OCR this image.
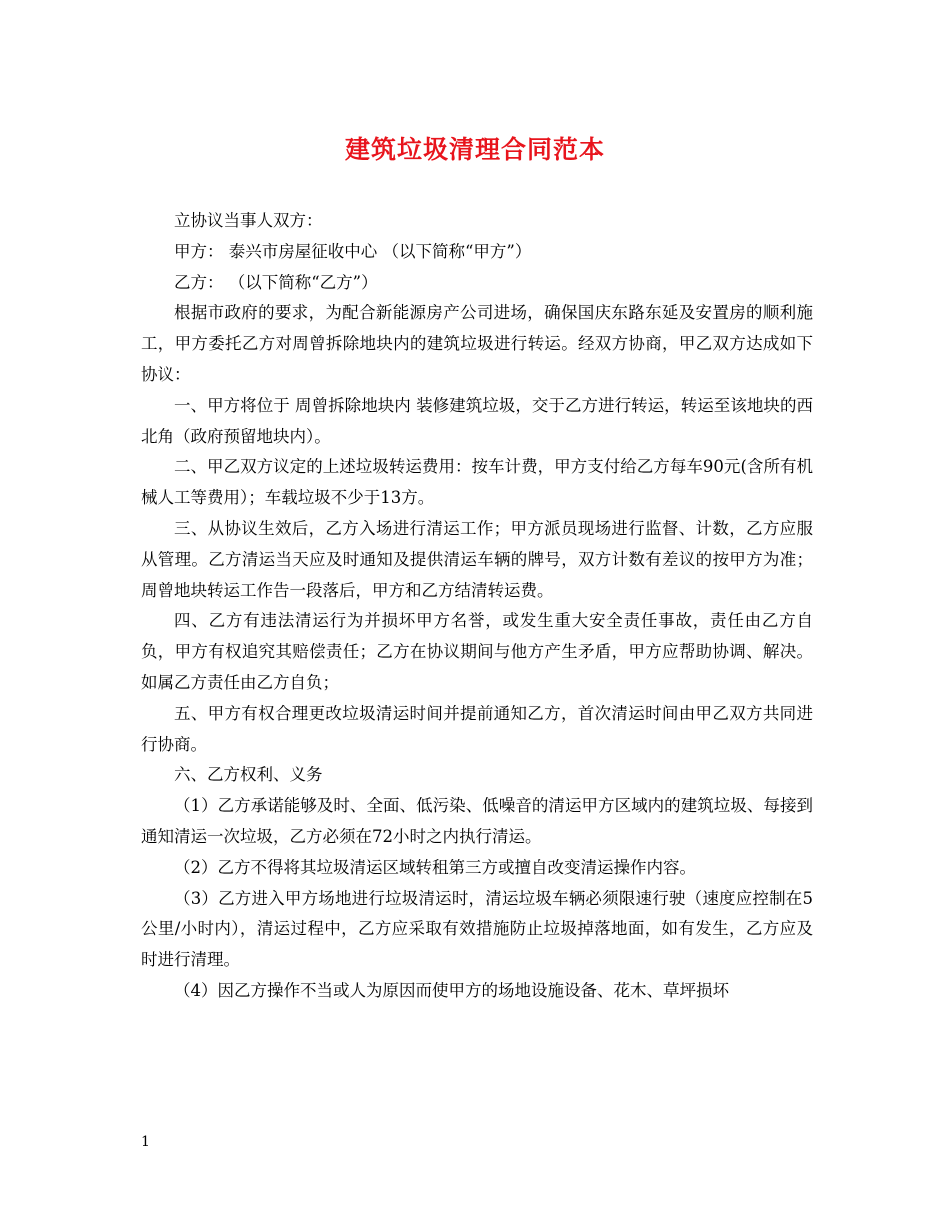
建筑垃圾清理合同范本

立协议当事人双方：

甲方： 泰兴市房屋征收中心 （以下简称“甲方”）

乙方： （以下简称“乙方”）

根据市政府的要求，为配合新能源房产公司进场，确保国庆东路东延及安置房的顺利施工，甲方委托乙方对周曾拆除地块内的建筑垃圾进行转运。经双方协商，甲乙双方达成如下协议：

一、甲方将位于 周曾拆除地块内 装修建筑垃圾，交于乙方进行转运，转运至该地块的西北角（政府预留地块内）。

二、甲乙双方议定的上述垃圾转运费用：按车计费，甲方支付给乙方每车90元(含所有机械人工等费用）；车载垃圾不少于13方。

三、从协议生效后，乙方入场进行清运工作；甲方派员现场进行监督、计数，乙方应服从管理。乙方清运当天应及时通知及提供清运车辆的牌号，双方计数有差议的按甲方为准；周曾地块转运工作告一段落后，甲方和乙方结清转运费。

四、乙方有违法清运行为并损坏甲方名誉，或发生重大安全责任事故，责任由乙方自负，甲方有权追究其赔偿责任；乙方在协议期间与他方产生矛盾，甲方应帮助协调、解决。如属乙方责任由乙方自负；

五、甲方有权合理更改垃圾清运时间并提前通知乙方，首次清运时间由甲乙双方共同进行协商。

六、乙方权利、义务

（1）乙方承诺能够及时、全面、低污染、低噪音的清运甲方区域内的建筑垃圾、每接到通知清运一次垃圾，乙方必须在72小时之内执行清运。

（2）乙方不得将其垃圾清运区域转租第三方或擅自改变清运操作内容。

（3）乙方进入甲方场地进行垃圾清运时，清运垃圾车辆必须限速行驶（速度应控制在5公里/小时内），清运过程中，乙方应采取有效措施防止垃圾掉落地面，如有发生，乙方应及时进行清理。

（4）因乙方操作不当或人为原因而使甲方的场地设施设备、花木、草坪损坏

1
